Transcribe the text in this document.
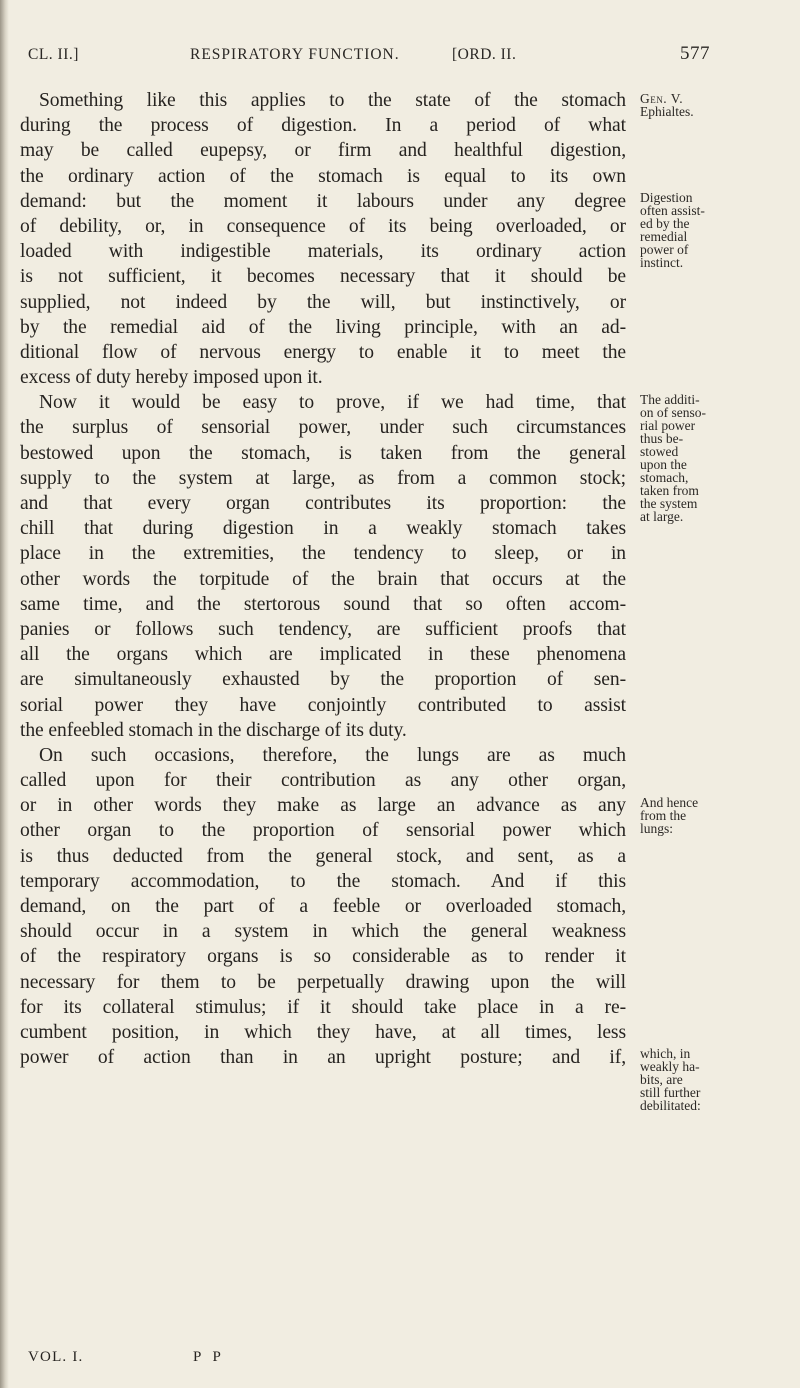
CL. II.]	RESPIRATORY FUNCTION.	[ORD. II.	577
Something like this applies to the state of the stomach
during the process of digestion. In a period of what
may be called eupepsy, or firm and healthful digestion,
the ordinary action of the stomach is equal to its own
demand: but the moment it labours under any degree
of debility, or, in consequence of its being overloaded, or
loaded with indigestible materials, its ordinary action
is not sufficient, it becomes necessary that it should be
supplied, not indeed by the will, but instinctively, or
by the remedial aid of the living principle, with an ad-
ditional flow of nervous energy to enable it to meet the
excess of duty hereby imposed upon it.
Now it would be easy to prove, if we had time, that
the surplus of sensorial power, under such circumstances
bestowed upon the stomach, is taken from the general
supply to the system at large, as from a common stock;
and that every organ contributes its proportion: the
chill that during digestion in a weakly stomach takes
place in the extremities, the tendency to sleep, or in
other words the torpitude of the brain that occurs at the
same time, and the stertorous sound that so often accom-
panies or follows such tendency, are sufficient proofs that
all the organs which are implicated in these phenomena
are simultaneously exhausted by the proportion of sen-
sorial power they have conjointly contributed to assist
the enfeebled stomach in the discharge of its duty.
On such occasions, therefore, the lungs are as much
called upon for their contribution as any other organ,
or in other words they make as large an advance as any
other organ to the proportion of sensorial power which
is thus deducted from the general stock, and sent, as a
temporary accommodation, to the stomach. And if this
demand, on the part of a feeble or overloaded stomach,
should occur in a system in which the general weakness
of the respiratory organs is so considerable as to render it
necessary for them to be perpetually drawing upon the will
for its collateral stimulus; if it should take place in a re-
cumbent position, in which they have, at all times, less
power of action than in an upright posture; and if,
Gen. V.
Ephialtes.
Digestion
often assist-
ed by the
remedial
power of
instinct.
The additi-
on of senso-
rial power
thus be-
stowed
upon the
stomach,
taken from
the system
at large.
And hence
from the
lungs:
which, in
weakly ha-
bits, are
still further
debilitated:
VOL. I.	P P
